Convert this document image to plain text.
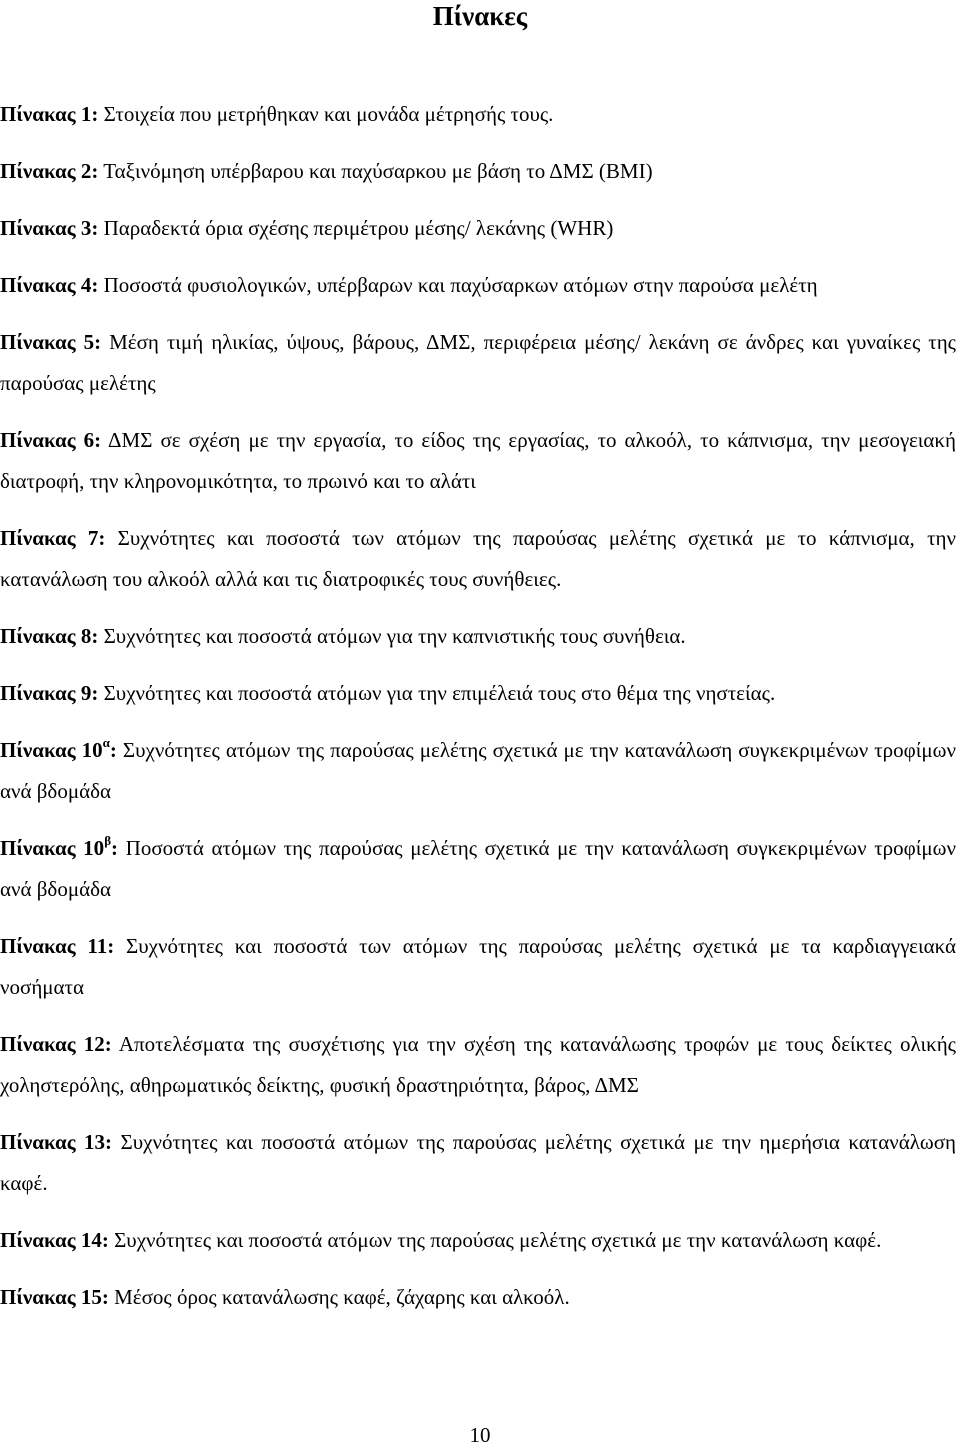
Πίνακες
Πίνακας 1: Στοιχεία που μετρήθηκαν και μονάδα μέτρησής τους.
Πίνακας 2: Ταξινόμηση υπέρβαρου και παχύσαρκου με βάση το ΔΜΣ (BMI)
Πίνακας 3: Παραδεκτά όρια σχέσης περιμέτρου μέσης/ λεκάνης (WHR)
Πίνακας 4: Ποσοστά φυσιολογικών, υπέρβαρων και παχύσαρκων ατόμων στην παρούσα μελέτη
Πίνακας 5: Μέση τιμή ηλικίας, ύψους, βάρους, ΔΜΣ, περιφέρεια μέσης/ λεκάνη σε άνδρες και γυναίκες της παρούσας μελέτης
Πίνακας 6: ΔΜΣ σε σχέση με την εργασία, το είδος της εργασίας, το αλκοόλ, το κάπνισμα, την μεσογειακή διατροφή, την κληρονομικότητα, το πρωινό και το αλάτι
Πίνακας 7: Συχνότητες και ποσοστά των ατόμων της παρούσας μελέτης σχετικά με το κάπνισμα, την κατανάλωση του αλκοόλ αλλά και τις διατροφικές τους συνήθειες.
Πίνακας 8: Συχνότητες και ποσοστά ατόμων για την καπνιστικής τους συνήθεια.
Πίνακας 9: Συχνότητες και ποσοστά ατόμων για την επιμέλειά τους στο θέμα της νηστείας.
Πίνακας $10^\alpha$: Συχνότητες ατόμων της παρούσας μελέτης σχετικά με την κατανάλωση συγκεκριμένων τροφίμων ανά βδομάδα
Πίνακας $10^\beta$: Ποσοστά ατόμων της παρούσας μελέτης σχετικά με την κατανάλωση συγκεκριμένων τροφίμων ανά βδομάδα
Πίνακας 11: Συχνότητες και ποσοστά των ατόμων της παρούσας μελέτης σχετικά με τα καρδιαγγειακά νοσήματα
Πίνακας 12: Αποτελέσματα της συσχέτισης για την σχέση της κατανάλωσης τροφών με τους δείκτες ολικής χοληστερόλης, αθηρωματικός δείκτης, φυσική δραστηριότητα, βάρος, ΔΜΣ
Πίνακας 13: Συχνότητες και ποσοστά ατόμων της παρούσας μελέτης σχετικά με την ημερήσια κατανάλωση καφέ.
Πίνακας 14: Συχνότητες και ποσοστά ατόμων της παρούσας μελέτης σχετικά με την κατανάλωση καφέ.
Πίνακας 15: Μέσος όρος κατανάλωσης καφέ, ζάχαρης και αλκοόλ.
10
